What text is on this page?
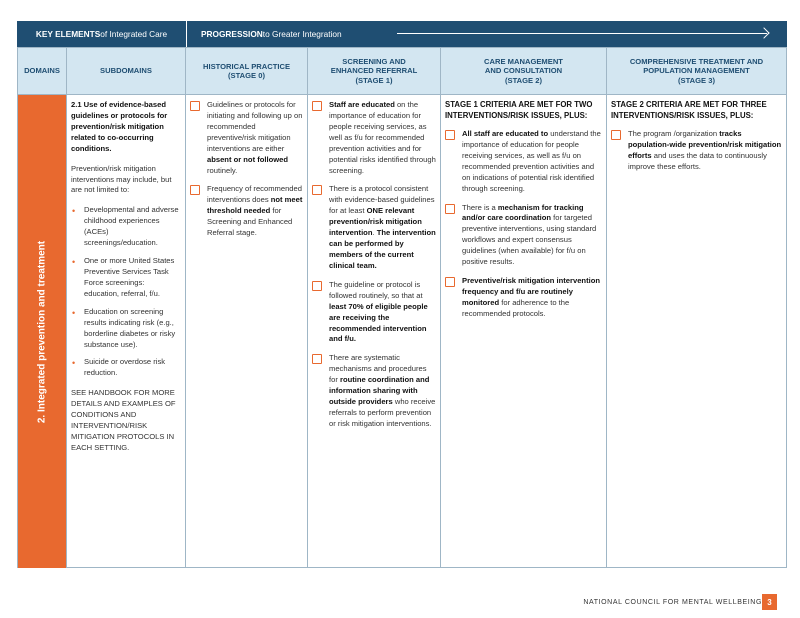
KEY ELEMENTS of Integrated Care	PROGRESSION to Greater Integration
DOMAINS	SUBDOMAINS
HISTORICAL PRACTICE
(STAGE 0)
SCREENING AND
ENHANCED REFERRAL
(STAGE 1)
CARE MANAGEMENT
AND CONSULTATION
(STAGE 2)
COMPREHENSIVE TREATMENT AND
POPULATION MANAGEMENT
(STAGE 3)
2. Integrated prevention and treatment

2.1 Use of evidence-based guidelines or protocols for prevention/risk mitigation related to co-occurring conditions.

Prevention/risk mitigation interventions may include, but are not limited to:

• Developmental and adverse childhood experiences (ACEs) screenings/education.
• One or more United States Preventive Services Task Force screenings: education, referral, f/u.
• Education on screening results indicating risk (e.g., borderline diabetes or risky substance use).
• Suicide or overdose risk reduction.

SEE HANDBOOK FOR MORE DETAILS AND EXAMPLES OF CONDITIONS AND INTERVENTION/RISK MITIGATION PROTOCOLS IN EACH SETTING.

Guidelines or protocols for initiating and following up on recommended preventive/risk mitigation interventions are either absent or not followed routinely.
Frequency of recommended interventions does not meet threshold needed for Screening and Enhanced Referral stage.
Staff are educated on the importance of education for people receiving services, as well as f/u for recommended prevention activities and for potential risks identified through screening.
There is a protocol consistent with evidence-based guidelines for at least ONE relevant prevention/risk mitigation intervention. The intervention can be performed by members of the current clinical team.
The guideline or protocol is followed routinely, so that at least 70% of eligible people are receiving the recommended intervention and f/u.
There are systematic mechanisms and procedures for routine coordination and information sharing with outside providers who receive referrals to perform prevention or risk mitigation interventions.
STAGE 1 CRITERIA ARE MET FOR TWO INTERVENTIONS/RISK ISSUES, PLUS:
All staff are educated to understand the importance of education for people receiving services, as well as f/u on recommended prevention activities and on indications of potential risk identified through screening.
There is a mechanism for tracking and/or care coordination for targeted preventive interventions, using standard workflows and expert consensus guidelines (when available) for f/u on positive results.
Preventive/risk mitigation intervention frequency and f/u are routinely monitored for adherence to the recommended protocols.
STAGE 2 CRITERIA ARE MET FOR THREE INTERVENTIONS/RISK ISSUES, PLUS:
The program /organization tracks population-wide prevention/risk mitigation efforts and uses the data to continuously improve these efforts.
NATIONAL COUNCIL FOR MENTAL WELLBEING 3
